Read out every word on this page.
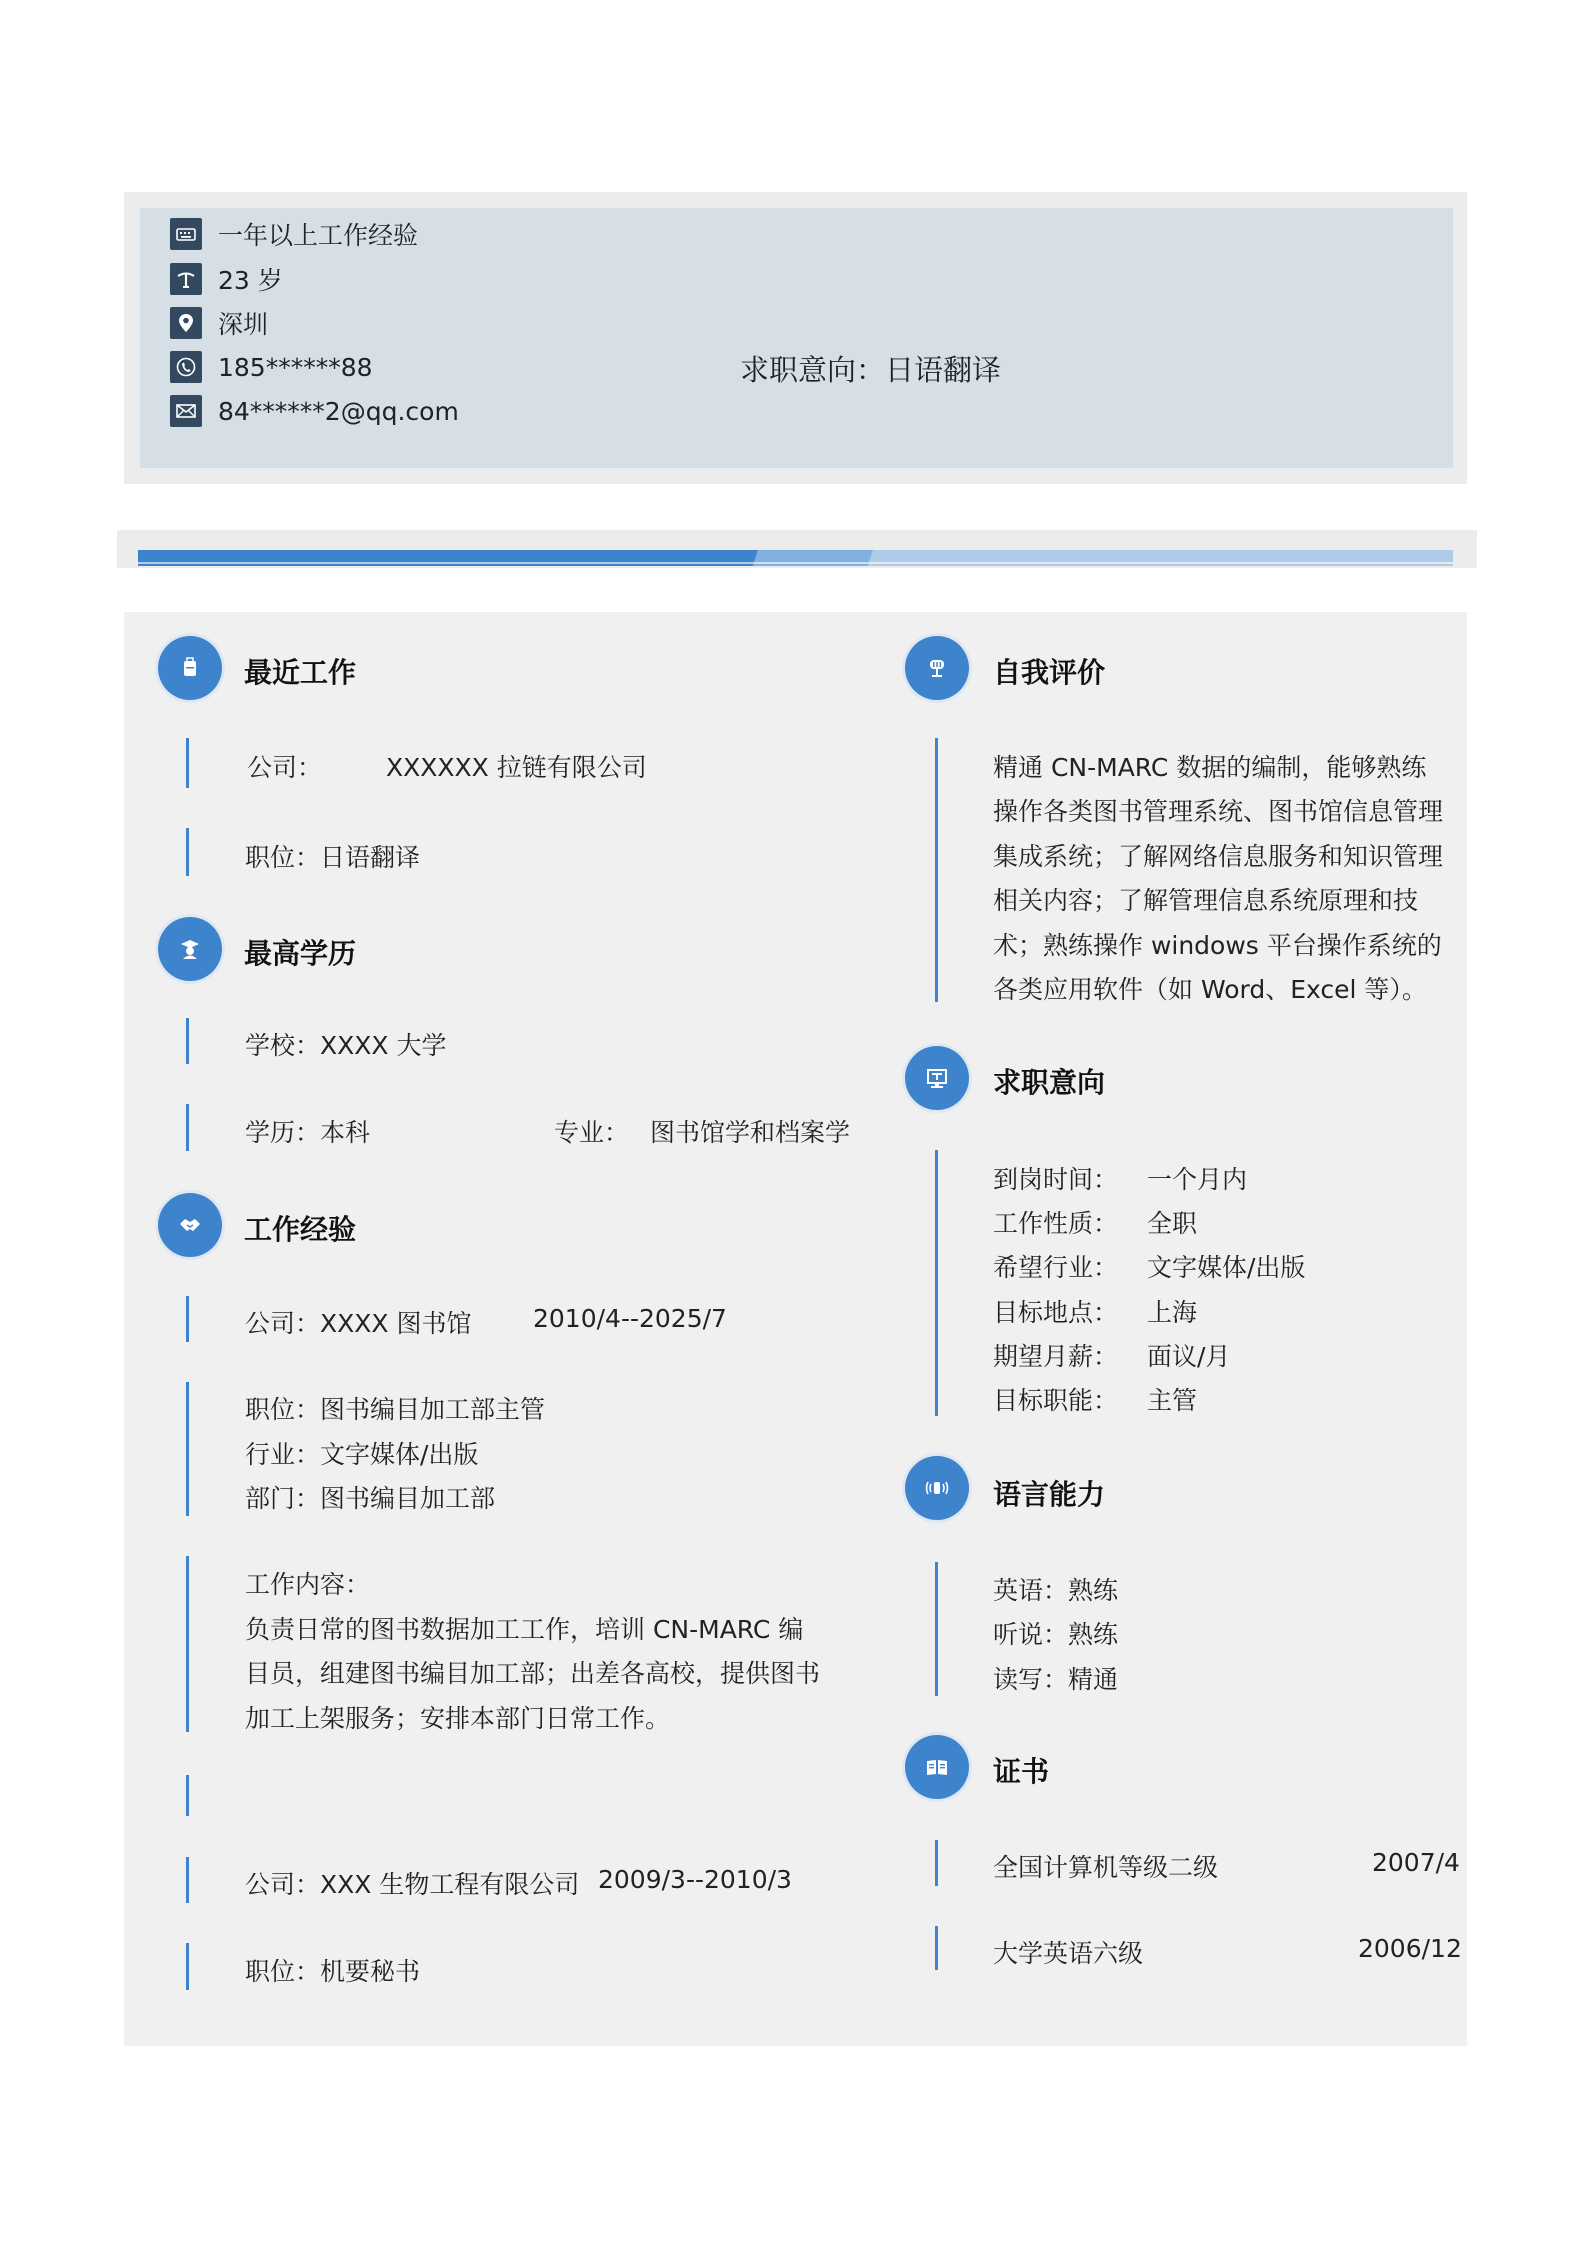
一年以上工作经验
23 岁
深圳
185******88
84******2@qq.com
求职意向：日语翻译
最近工作
公司：	XXXXXX 拉链有限公司
职位：日语翻译
最高学历
学校：XXXX 大学
学历：本科	专业： 图书馆学和档案学
工作经验
公司：XXXX 图书馆 2010/4--2025/7
职位：图书编目加工部主管
行业：文字媒体/出版
部门：图书编目加工部
工作内容：
负责日常的图书数据加工工作，培训 CN-MARC 编
目员，组建图书编目加工部；出差各高校，提供图书
加工上架服务；安排本部门日常工作。
公司：XXX 生物工程有限公司 2009/3--2010/3
职位：机要秘书
自我评价
精通 CN-MARC 数据的编制，能够熟练
操作各类图书管理系统、图书馆信息管理
集成系统；了解网络信息服务和知识管理
相关内容；了解管理信息系统原理和技
术；熟练操作 windows 平台操作系统的
各类应用软件（如 Word、Excel 等）。
求职意向
到岗时间： 一个月内
工作性质： 全职
希望行业： 文字媒体/出版
目标地点： 上海
期望月薪： 面议/月
目标职能： 主管
语言能力
英语：熟练
听说：熟练
读写：精通
证书
全国计算机等级二级	2007/4
大学英语六级	2006/12
